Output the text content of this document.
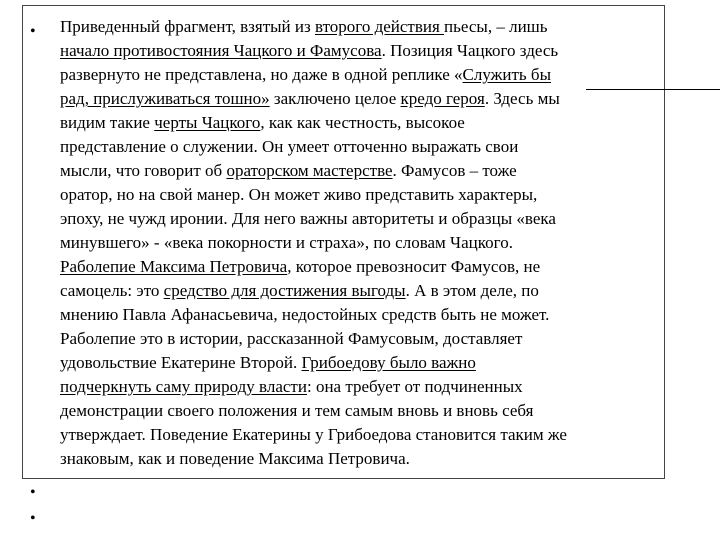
•
•
•
Приведенный фрагмент, взятый из второго действия пьесы, – лишь
начало противостояния Чацкого и Фамусова. Позиция Чацкого здесь
развернуто не представлена, но даже в одной реплике «Служить бы
рад, прислуживаться тошно» заключено целое кредо героя. Здесь мы
видим такие черты Чацкого, как как честность, высокое
представление о служении. Он умеет отточенно выражать свои
мысли, что говорит об ораторском мастерстве. Фамусов – тоже
оратор, но на свой манер. Он может живо представить характеры,
эпоху, не чужд иронии. Для него важны авторитеты и образцы «века
минувшего» - «века покорности и страха», по словам Чацкого.
Раболепие Максима Петровича, которое превозносит Фамусов, не
самоцель: это средство для достижения выгоды. А в этом деле, по
мнению Павла Афанасьевича, недостойных средств быть не может.
Раболепие это в истории, рассказанной Фамусовым, доставляет
удовольствие Екатерине Второй. Грибоедову было важно
подчеркнуть саму природу власти: она требует от подчиненных
демонстрации своего положения и тем самым вновь и вновь себя
утверждает. Поведение Екатерины у Грибоедова становится таким же
знаковым, как и поведение Максима Петровича.
